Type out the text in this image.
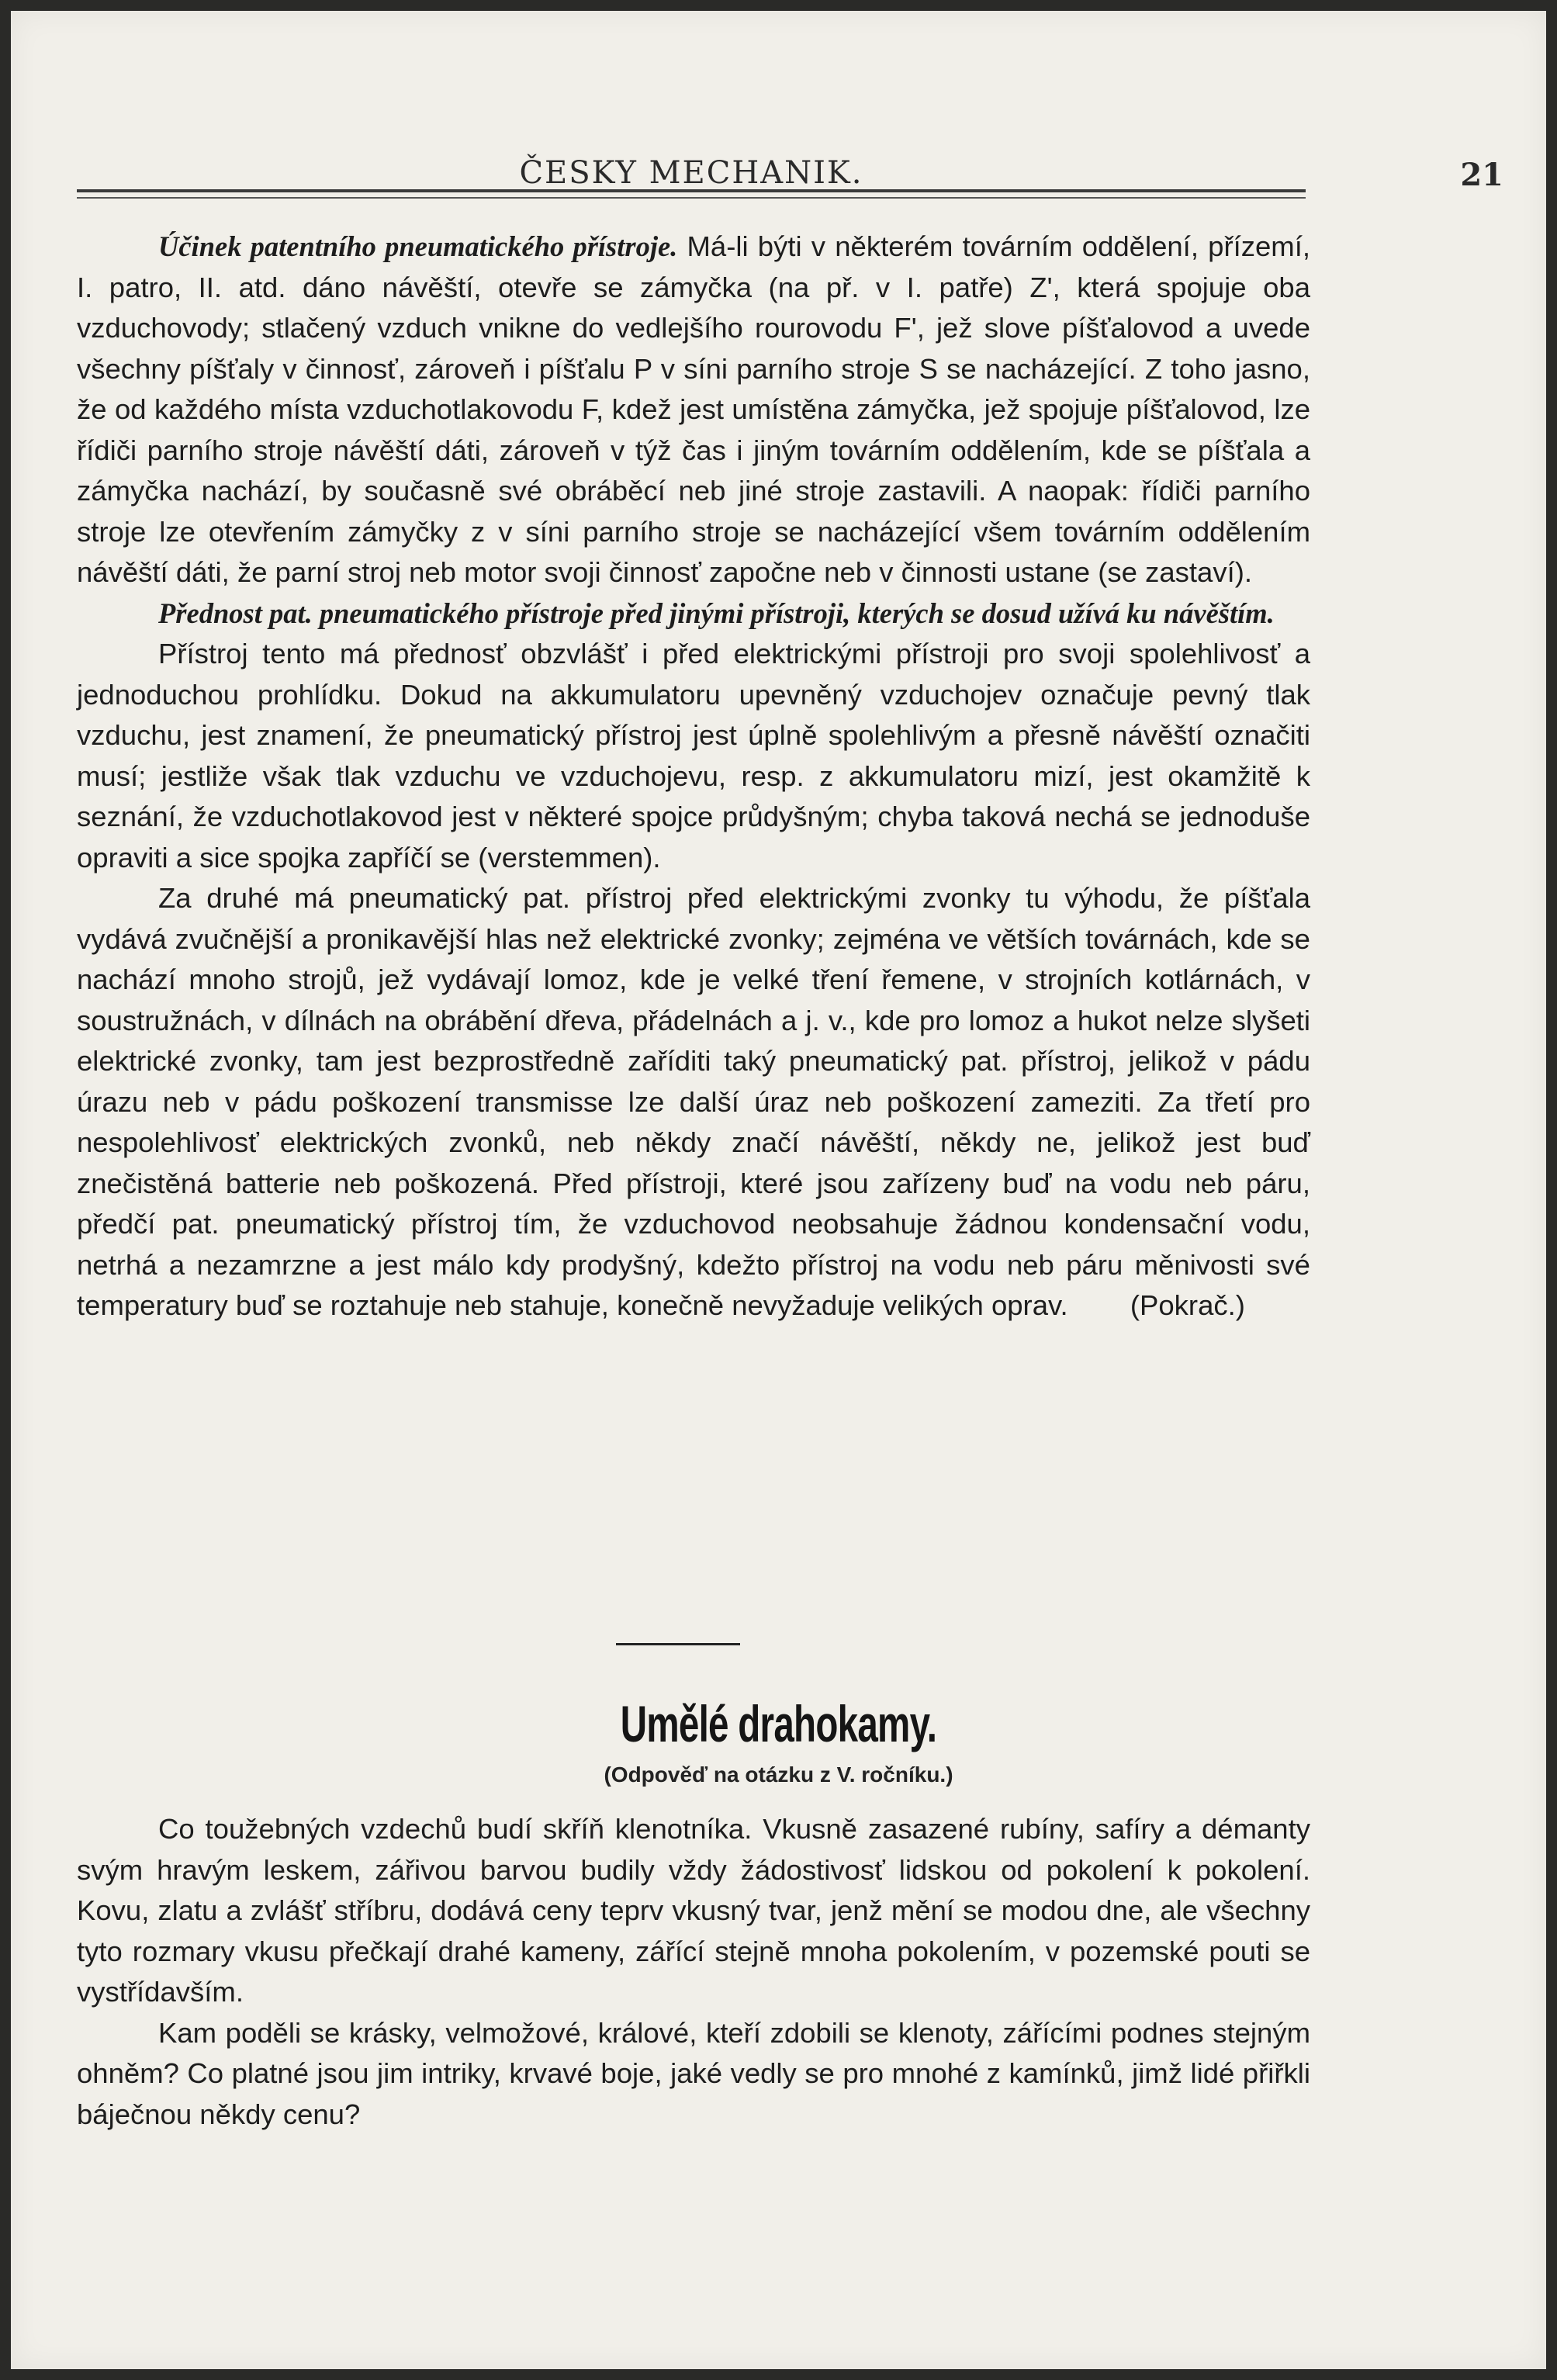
ČESKY MECHANIK.	21

Účinek patentního pneumatického přístroje. Má-li býti v některém továrním oddělení, přízemí, I. patro, II. atd. dáno návěští, otevře se zámyčka (na př. v I. patře) Z', která spojuje oba vzduchovody; stlačený vzduch vnikne do vedlejšího rourovodu F', jež slove píšťalovod a uvede všechny píšťaly v činnosť, zároveň i píšťalu P v síni parního stroje S se nacházející. Z toho jasno, že od každého místa vzduchotlakovodu F, kdež jest umístěna zámyčka, jež spojuje píšťalovod, lze řídiči parního stroje návěští dáti, zároveň v týž čas i jiným továrním oddělením, kde se píšťala a zámyčka nachází, by současně své obráběcí neb jiné stroje zastavili. A naopak: řídiči parního stroje lze otevřením zámyčky z v síni parního stroje se nacházející všem továrním oddělením návěští dáti, že parní stroj neb motor svoji činnosť započne neb v činnosti ustane (se zastaví).

Přednost pat. pneumatického přístroje před jinými přístroji, kterých se dosud užívá ku návěštím.

Přístroj tento má přednosť obzvlášť i před elektrickými přístroji pro svoji spolehlivosť a jednoduchou prohlídku. Dokud na akkumulatoru upevněný vzduchojev označuje pevný tlak vzduchu, jest znamení, že pneumatický přístroj jest úplně spolehlivým a přesně návěští označiti musí; jestliže však tlak vzduchu ve vzduchojevu, resp. z akkumulatoru mizí, jest okamžitě k seznání, že vzduchotlakovod jest v některé spojce průdyšným; chyba taková nechá se jednoduše opraviti a sice spojka zapříčí se (verstemmen).

Za druhé má pneumatický pat. přístroj před elektrickými zvonky tu výhodu, že píšťala vydává zvučnější a pronikavější hlas než elektrické zvonky; zejména ve větších továrnách, kde se nachází mnoho strojů, jež vydávají lomoz, kde je velké tření řemene, v strojních kotlárnách, v soustružnách, v dílnách na obrábění dřeva, přádelnách a j. v., kde pro lomoz a hukot nelze slyšeti elektrické zvonky, tam jest bezprostředně zaříditi taký pneumatický pat. přístroj, jelikož v pádu úrazu neb v pádu poškození transmisse lze další úraz neb poškození zameziti. Za třetí pro nespolehlivosť elektrických zvonků, neb někdy značí návěští, někdy ne, jelikož jest buď znečistěná batterie neb poškozená. Před přístroji, které jsou zařízeny buď na vodu neb páru, předčí pat. pneumatický přístroj tím, že vzduchovod neobsahuje žádnou kondensační vodu, netrhá a nezamrzne a jest málo kdy prodyšný, kdežto přístroj na vodu neb páru měnivosti své temperatury buď se roztahuje neb stahuje, konečně nevyžaduje velikých oprav. (Pokrač.)

Umělé drahokamy.
(Odpověď na otázku z V. ročníku.)

Co toužebných vzdechů budí skříň klenotníka. Vkusně zasazené rubíny, safíry a démanty svým hravým leskem, zářivou barvou budily vždy žádostivosť lidskou od pokolení k pokolení. Kovu, zlatu a zvlášť stříbru, dodává ceny teprv vkusný tvar, jenž mění se modou dne, ale všechny tyto rozmary vkusu přečkají drahé kameny, zářící stejně mnoha pokolením, v pozemské pouti se vystřídavším.

Kam poděli se krásky, velmožové, králové, kteří zdobili se klenoty, zářícími podnes stejným ohněm? Co platné jsou jim intriky, krvavé boje, jaké vedly se pro mnohé z kamínků, jimž lidé přiřkli báječnou někdy cenu?
